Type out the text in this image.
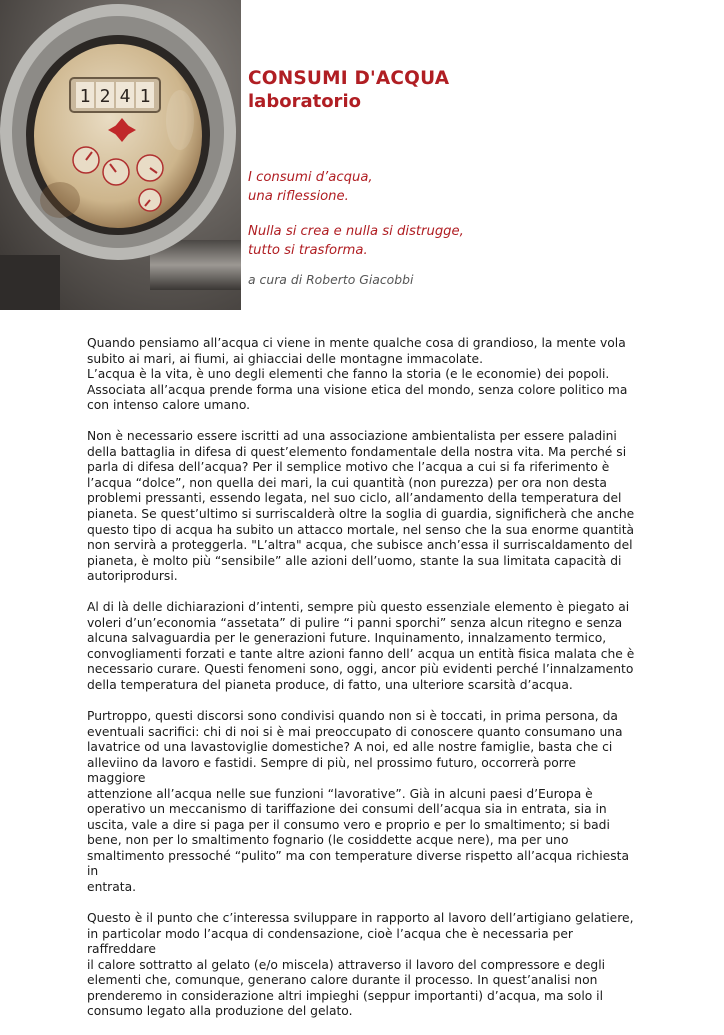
1 2 4 1
CONSUMI D'ACQUA
laboratorio

I consumi d’acqua,

una riflessione.

Nulla si crea e nulla si distrugge,

tutto si trasforma.

a cura di Roberto Giacobbi

Quando pensiamo all’acqua ci viene in mente qualche cosa di grandioso, la mente vola
subito ai mari, ai fiumi, ai ghiacciai delle montagne immacolate.
L’acqua è la vita, è uno degli elementi che fanno la storia (e le economie) dei popoli.
Associata all’acqua prende forma una visione etica del mondo, senza colore politico ma
con intenso calore umano.

Non è necessario essere iscritti ad una associazione ambientalista per essere paladini
della battaglia in difesa di quest’elemento fondamentale della nostra vita. Ma perché si
parla di difesa dell’acqua? Per il semplice motivo che l’acqua a cui si fa riferimento è
l’acqua “dolce”, non quella dei mari, la cui quantità (non purezza) per ora non desta
problemi pressanti, essendo legata, nel suo ciclo, all’andamento della temperatura del
pianeta. Se quest’ultimo si surriscalderà oltre la soglia di guardia, significherà che anche
questo tipo di acqua ha subito un attacco mortale, nel senso che la sua enorme quantità
non servirà a proteggerla. "L’altra" acqua, che subisce anch’essa il surriscaldamento del
pianeta, è molto più “sensibile” alle azioni dell’uomo, stante la sua limitata capacità di
autoriprodursi.

Al di là delle dichiarazioni d’intenti, sempre più questo essenziale elemento è piegato ai
voleri d’un’economia “assetata” di pulire “i panni sporchi” senza alcun ritegno e senza
alcuna salvaguardia per le generazioni future. Inquinamento, innalzamento termico,
convogliamenti forzati e tante altre azioni fanno dell’ acqua un entità fisica malata che è
necessario curare. Questi fenomeni sono, oggi, ancor più evidenti perché l’innalzamento
della temperatura del pianeta produce, di fatto, una ulteriore scarsità d’acqua.

Purtroppo, questi discorsi sono condivisi quando non si è toccati, in prima persona, da
eventuali sacrifici: chi di noi si è mai preoccupato di conoscere quanto consumano una
lavatrice od una lavastoviglie domestiche? A noi, ed alle nostre famiglie, basta che ci
alleviino da lavoro e fastidi. Sempre di più, nel prossimo futuro, occorrerà porre maggiore
attenzione all’acqua nelle sue funzioni “lavorative”. Già in alcuni paesi d’Europa è
operativo un meccanismo di tariffazione dei consumi dell’acqua sia in entrata, sia in
uscita, vale a dire si paga per il consumo vero e proprio e per lo smaltimento; si badi
bene, non per lo smaltimento fognario (le cosiddette acque nere), ma per uno
smaltimento pressoché “pulito” ma con temperature diverse rispetto all’acqua richiesta in
entrata.

Questo è il punto che c’interessa sviluppare in rapporto al lavoro dell’artigiano gelatiere,
in particolar modo l’acqua di condensazione, cioè l’acqua che è necessaria per raffreddare
il calore sottratto al gelato (e/o miscela) attraverso il lavoro del compressore e degli
elementi che, comunque, generano calore durante il processo. In quest’analisi non
prenderemo in considerazione altri impieghi (seppur importanti) d’acqua, ma solo il
consumo legato alla produzione del gelato.
